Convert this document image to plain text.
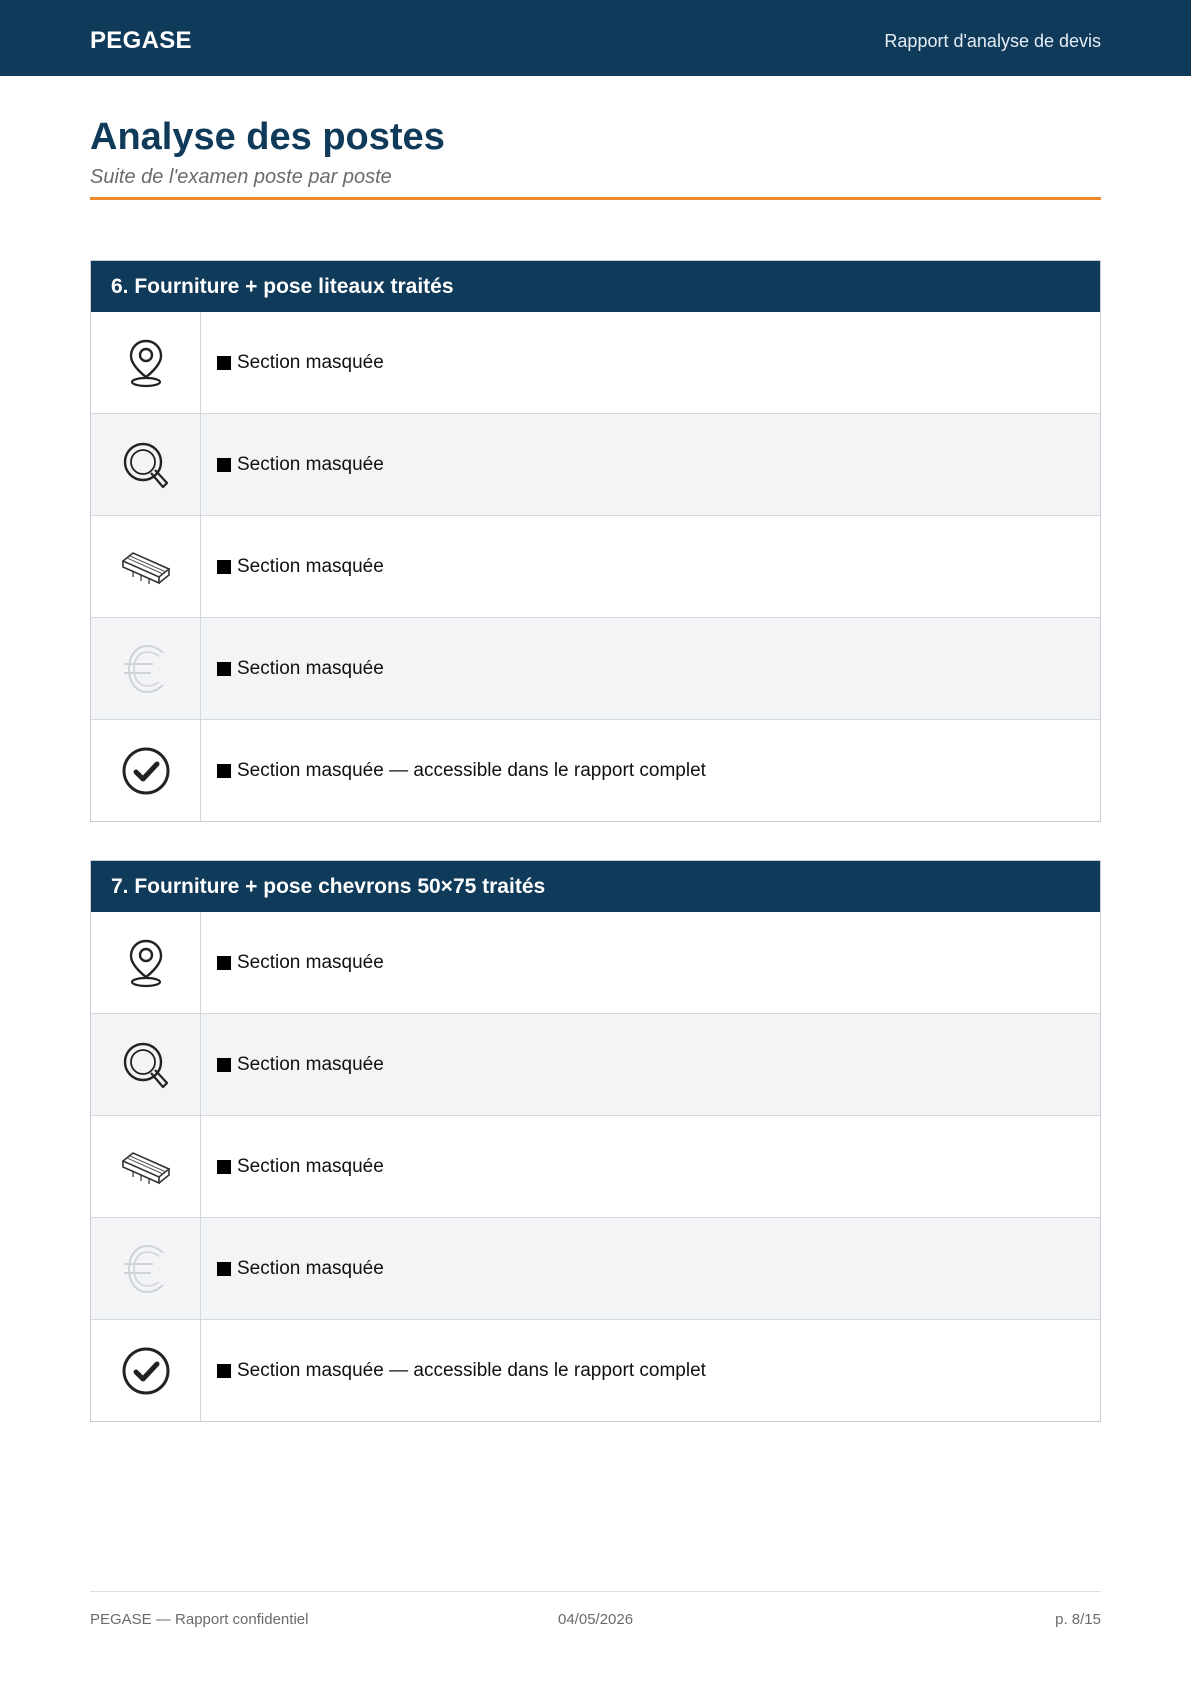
PEGASE	Rapport d'analyse de devis
Analyse des postes
Suite de l'examen poste par poste
6. Fourniture + pose liteaux traités
Section masquée
Section masquée
Section masquée
Section masquée
Section masquée — accessible dans le rapport complet
7. Fourniture + pose chevrons 50×75 traités
Section masquée
Section masquée
Section masquée
Section masquée
Section masquée — accessible dans le rapport complet
PEGASE — Rapport confidentiel	04/05/2026	p. 8/15
